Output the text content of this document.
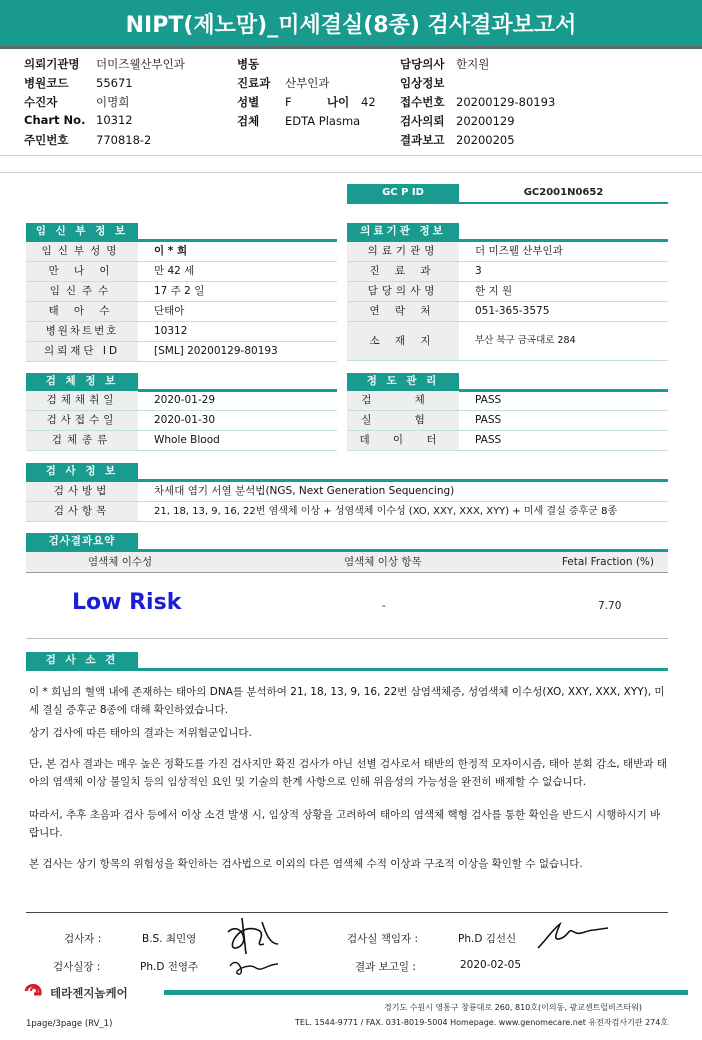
NIPT(제노맘)_미세결실(8종) 검사결과보고서
의뢰기관명 더미즈웰산부인과
병원코드 55671
수진자	이명희
Chart No. 10312
주민번호 770818-2
병동
진료과 산부인과
성별 F	나이 42
검체 EDTA Plasma
담당의사 한지원
임상정보
접수번호 20200129-80193
검사의뢰 20200129
결과보고 20200205
GC P ID	GC2001N0652
임 신 부 정 보
임신부성명	이 * 희
만 나 이	만 42 세
임신주수	17 주 2 일
태 아 수	단태아
병원차트번호	10312
의뢰재단 ID	[SML] 20200129-80193
의료기관 정보
의료기관명	더 미즈웰 산부인과
진 료 과	3
담당의사명	한 지 원
연 락 처	051-365-3575
소 재 지	부산 북구 금곡대로 284
검 체 정 보
검체채취일	2020-01-29
검사접수일	2020-01-30
검체종류	Whole Blood
정 도 관 리
검 체	PASS
실 험	PASS
데 이 터	PASS
검 사 정 보
검사방법	차세대 염기 서열 분석법(NGS, Next Generation Sequencing)
검사항목	21, 18, 13, 9, 16, 22번 염색체 이상 + 성염색체 이수성 (XO, XXY, XXX, XYY) + 미세 결실 증후군 8종
검사결과요약
염색체 이수성	염색체 이상 항목	Fetal Fraction (%)
Low Risk	-	7.70
검 사 소 견
이 * 희님의 혈액 내에 존재하는 태아의 DNA를 분석하여 21, 18, 13, 9, 16, 22번 삼염색체증, 성염색체 이수성(XO, XXY, XXX, XYY), 미세 결실 증후군 8종에 대해 확인하였습니다.
상기 검사에 따른 태아의 결과는 저위험군입니다.
단, 본 검사 결과는 매우 높은 정확도를 가진 검사지만 확진 검사가 아닌 선별 검사로서 태반의 한정적 모자이시즘, 태아 분회 감소, 태반과 태아의 염색체 이상 불일치 등의 임상적인 요인 및 기술의 한계 사항으로 인해 위음성의 가능성을 완전히 배제할 수 없습니다.
따라서, 추후 초음파 검사 등에서 이상 소견 발생 시, 임상적 상황을 고려하여 태아의 염색체 핵형 검사를 통한 확인을 반드시 시행하시기 바랍니다.
본 검사는 상기 항목의 위험성을 확인하는 검사법으로 이외의 다른 염색체 수적 이상과 구조적 이상을 확인할 수 없습니다.
검사자 :	B.S. 최민영
검사실장 :	Ph.D 전영주
검사실 책임자 :	Ph.D 김선신
결과 보고일 :	2020-02-05
테라젠지놈케어
경기도 수원시 영통구 창룡대로 260, 810호(이의동, 광교센트럴비즈타워)
TEL. 1544-9771 / FAX. 031-8019-5004 Homepage. www.genomecare.net 유전자검사기관 274호
1page/3page (RV_1)
